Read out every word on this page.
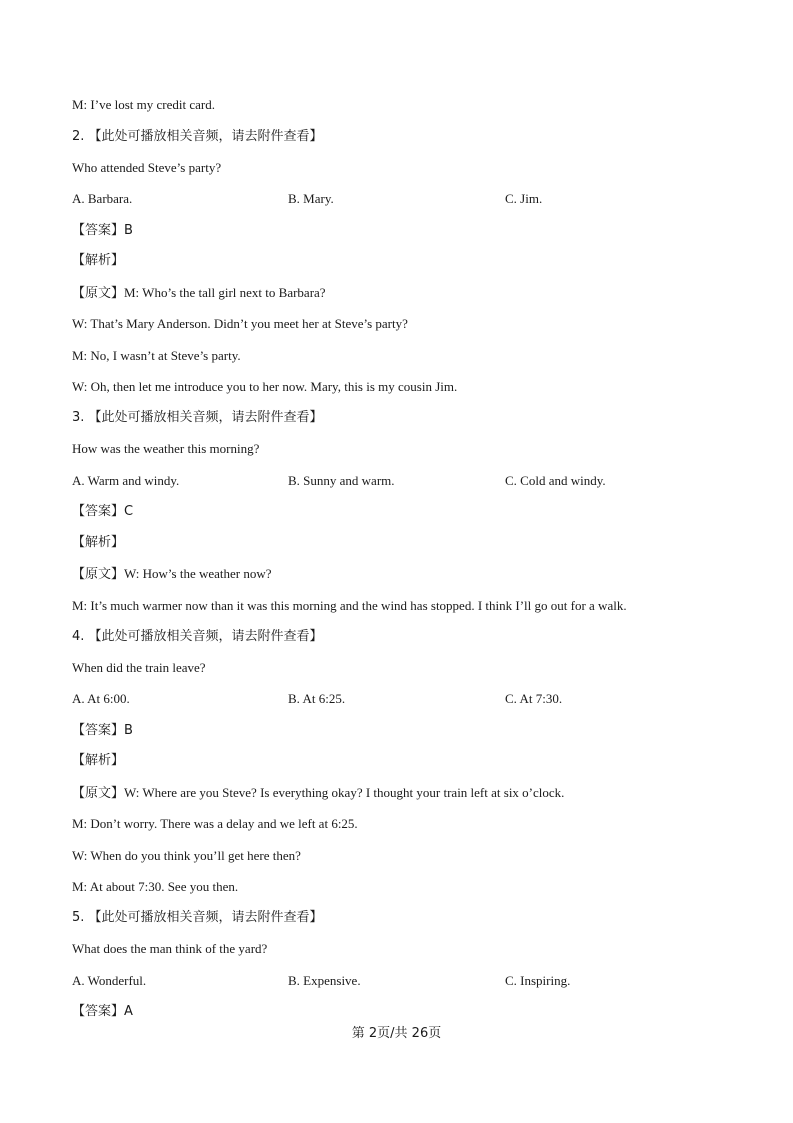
M: I’ve lost my credit card.
2. 【此处可播放相关音频，请去附件查看】
Who attended Steve’s party?
A. Barbara.	B. Mary.	C. Jim.
【答案】B
【解析】
【原文】M: Who’s the tall girl next to Barbara?
W: That’s Mary Anderson. Didn’t you meet her at Steve’s party?
M: No, I wasn’t at Steve’s party.
W: Oh, then let me introduce you to her now. Mary, this is my cousin Jim.
3. 【此处可播放相关音频，请去附件查看】
How was the weather this morning?
A. Warm and windy.	B. Sunny and warm.	C. Cold and windy.
【答案】C
【解析】
【原文】W: How’s the weather now?
M: It’s much warmer now than it was this morning and the wind has stopped. I think I’ll go out for a walk.
4. 【此处可播放相关音频，请去附件查看】
When did the train leave?
A. At 6:00.	B. At 6:25.	C. At 7:30.
【答案】B
【解析】
【原文】W: Where are you Steve? Is everything okay? I thought your train left at six o’clock.
M: Don’t worry. There was a delay and we left at 6:25.
W: When do you think you’ll get here then?
M: At about 7:30. See you then.
5. 【此处可播放相关音频，请去附件查看】
What does the man think of the yard?
A. Wonderful.	B. Expensive.	C. Inspiring.
【答案】A
第 2页/共 26页
